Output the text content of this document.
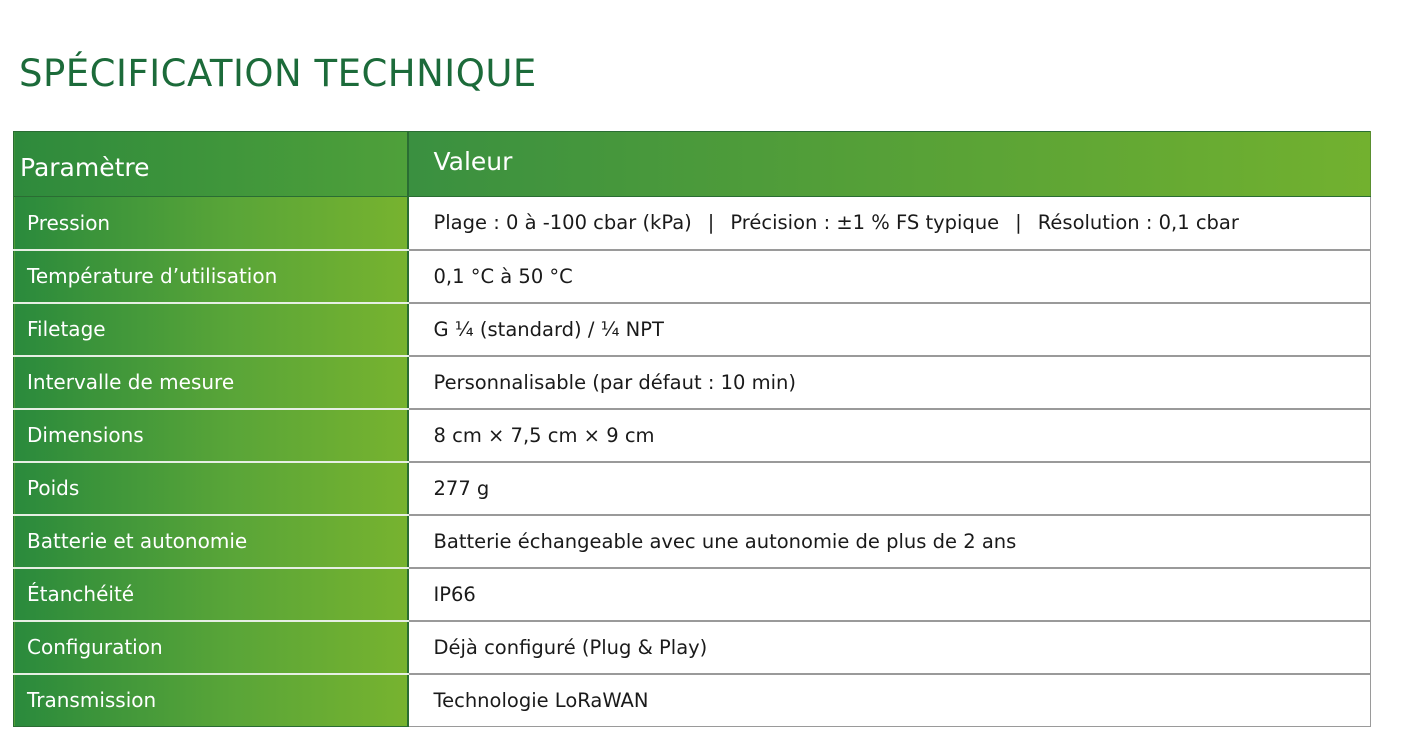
SPÉCIFICATION TECHNIQUE
Paramètre	Valeur
Pression	Plage : 0 à -100 cbar (kPa) | Précision : ±1 % FS typique | Résolution : 0,1 cbar
Température d’utilisation	0,1 °C à 50 °C
Filetage	G ¼ (standard) / ¼ NPT
Intervalle de mesure	Personnalisable (par défaut : 10 min)
Dimensions	8 cm × 7,5 cm × 9 cm
Poids	277 g
Batterie et autonomie	Batterie échangeable avec une autonomie de plus de 2 ans
Étanchéité	IP66
Configuration	Déjà configuré (Plug & Play)
Transmission	Technologie LoRaWAN
